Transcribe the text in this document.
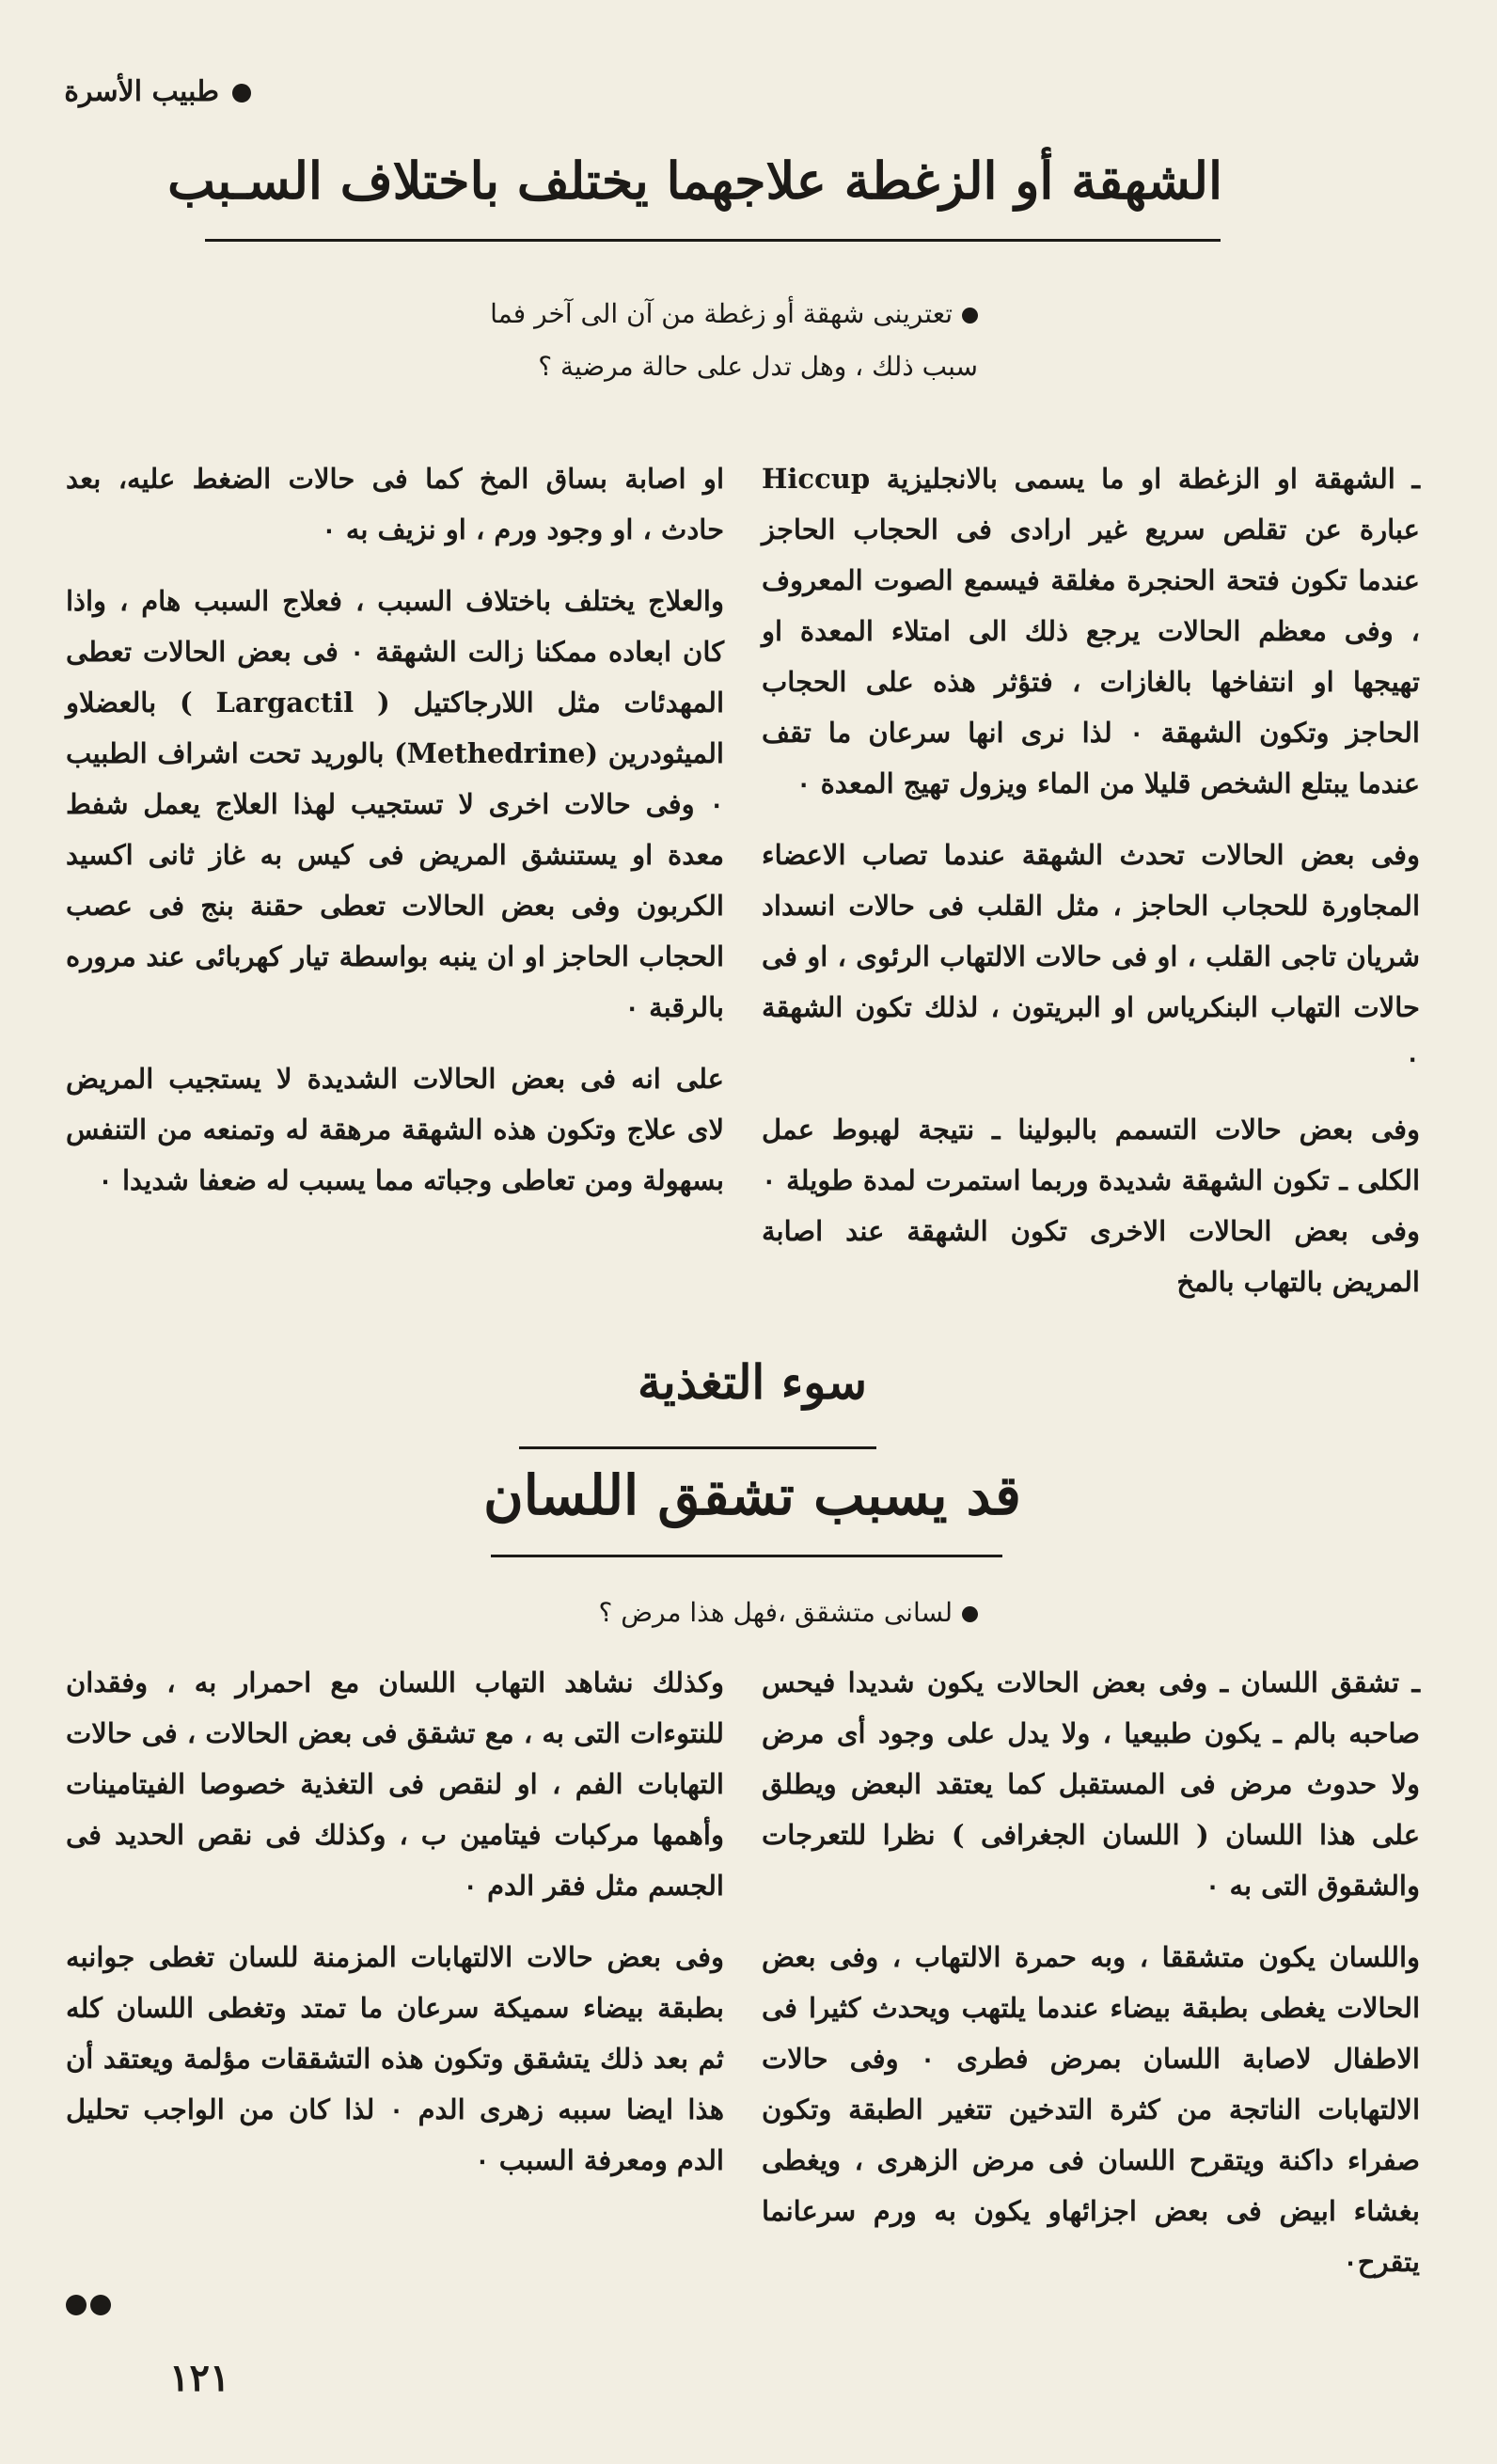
طبيب الأسرة
الشهقة أو الزغطة علاجهما يختلف باختلاف السـبب
تعترينى شهقة أو زغطة من آن الى آخر فما سبب ذلك ، وهل تدل على حالة مرضية ؟

ـ الشهقة او الزغطة او ما يسمى بالانجليزية Hiccup عبارة عن تقلص سريع غير ارادى فى الحجاب الحاجز عندما تكون فتحة الحنجرة مغلقة فيسمع الصوت المعروف ، وفى معظم الحالات يرجع ذلك الى امتلاء المعدة او تهيجها او انتفاخها بالغازات ، فتؤثر هذه على الحجاب الحاجز وتكون الشهقة ٠ لذا نرى انها سرعان ما تقف عندما يبتلع الشخص قليلا من الماء ويزول تهيج المعدة ٠

وفى بعض الحالات تحدث الشهقة عندما تصاب الاعضاء المجاورة للحجاب الحاجز ، مثل القلب فى حالات انسداد شريان تاجى القلب ، او فى حالات الالتهاب الرئوى ، او فى حالات التهاب البنكرياس او البريتون ، لذلك تكون الشهقة ٠

وفى بعض حالات التسمم بالبولينا ـ نتيجة لهبوط عمل الكلى ـ تكون الشهقة شديدة وربما استمرت لمدة طويلة ٠ وفى بعض الحالات الاخرى تكون الشهقة عند اصابة المريض بالتهاب بالمخ

او اصابة بساق المخ كما فى حالات الضغط عليه، بعد حادث ، او وجود ورم ، او نزيف به ٠

والعلاج يختلف باختلاف السبب ، فعلاج السبب هام ، واذا كان ابعاده ممكنا زالت الشهقة ٠ فى بعض الحالات تعطى المهدئات مثل اللارجاكتيل ( Largactil ) بالعضلاو الميثودرين (Methedrine) بالوريد تحت اشراف الطبيب ٠ وفى حالات اخرى لا تستجيب لهذا العلاج يعمل شفط معدة او يستنشق المريض فى كيس به غاز ثانى اكسيد الكربون وفى بعض الحالات تعطى حقنة بنج فى عصب الحجاب الحاجز او ان ينبه بواسطة تيار كهربائى عند مروره بالرقبة ٠

على انه فى بعض الحالات الشديدة لا يستجيب المريض لاى علاج وتكون هذه الشهقة مرهقة له وتمنعه من التنفس بسهولة ومن تعاطى وجباته مما يسبب له ضعفا شديدا ٠

سوء التغذية
قد يسبب تشقق اللسان
لسانى متشقق ،فهل هذا مرض ؟

ـ تشقق اللسان ـ وفى بعض الحالات يكون شديدا فيحس صاحبه بالم ـ يكون طبيعيا ، ولا يدل على وجود أى مرض ولا حدوث مرض فى المستقبل كما يعتقد البعض ويطلق على هذا اللسان ( اللسان الجغرافى ) نظرا للتعرجات والشقوق التى به ٠

واللسان يكون متشققا ، وبه حمرة الالتهاب ، وفى بعض الحالات يغطى بطبقة بيضاء عندما يلتهب ويحدث كثيرا فى الاطفال لاصابة اللسان بمرض فطرى ٠ وفى حالات الالتهابات الناتجة من كثرة التدخين تتغير الطبقة وتكون صفراء داكنة ويتقرح اللسان فى مرض الزهرى ، ويغطى بغشاء ابيض فى بعض اجزائهاو يكون به ورم سرعانما يتقرح٠

وكذلك نشاهد التهاب اللسان مع احمرار به ، وفقدان للنتوءات التى به ، مع تشقق فى بعض الحالات ، فى حالات التهابات الفم ، او لنقص فى التغذية خصوصا الفيتامينات وأهمها مركبات فيتامين ب ، وكذلك فى نقص الحديد فى الجسم مثل فقر الدم ٠

وفى بعض حالات الالتهابات المزمنة للسان تغطى جوانبه بطبقة بيضاء سميكة سرعان ما تمتد وتغطى اللسان كله ثم بعد ذلك يتشقق وتكون هذه التشققات مؤلمة ويعتقد أن هذا ايضا سببه زهرى الدم ٠ لذا كان من الواجب تحليل الدم ومعرفة السبب ٠

١٢١
